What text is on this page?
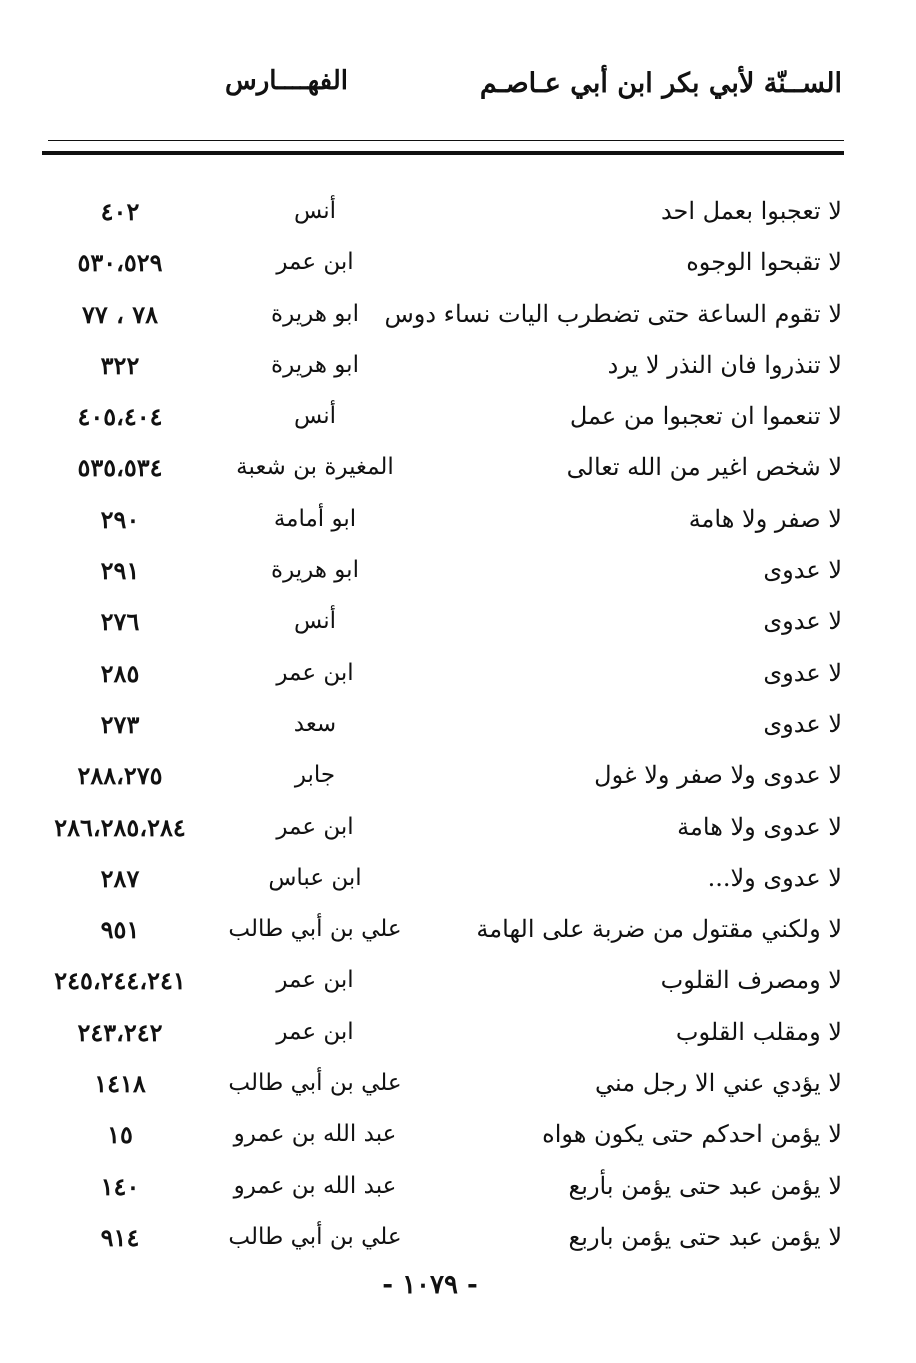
الســنّة لأبي بكر ابن أبي عـاصـم
الفهــــارس
لا تعجبوا بعمل احد
أنس
٤٠٢
لا تقبحوا الوجوه
ابن عمر
٥٣٠،٥٢٩
لا تقوم الساعة حتى تضطرب اليات نساء دوس
ابو هريرة
٧٨ ، ٧٧
لا تنذروا فان النذر لا يرد
ابو هريرة
٣٢٢
لا تنعموا ان تعجبوا من عمل
أنس
٤٠٥،٤٠٤
لا شخص اغير من الله تعالى
المغيرة بن شعبة
٥٣٥،٥٣٤
لا صفر ولا هامة
ابو أمامة
٢٩٠
لا عدوى
ابو هريرة
٢٩١
لا عدوى
أنس
٢٧٦
لا عدوى
ابن عمر
٢٨٥
لا عدوى
سعد
٢٧٣
لا عدوى ولا صفر ولا غول
جابر
٢٨٨،٢٧٥
لا عدوى ولا هامة
ابن عمر
٢٨٦،٢٨٥،٢٨٤
لا عدوى ولا...
ابن عباس
٢٨٧
لا ولكني مقتول من ضربة على الهامة
علي بن أبي طالب
٩٥١
لا ومصرف القلوب
ابن عمر
٢٤٥،٢٤٤،٢٤١
لا ومقلب القلوب
ابن عمر
٢٤٣،٢٤٢
لا يؤدي عني الا رجل مني
علي بن أبي طالب
١٤١٨
لا يؤمن احدكم حتى يكون هواه
عبد الله بن عمرو
١٥
لا يؤمن عبد حتى يؤمن بأربع
عبد الله بن عمرو
١٤٠
لا يؤمن عبد حتى يؤمن باربع
علي بن أبي طالب
٩١٤
- ١٠٧٩ -
